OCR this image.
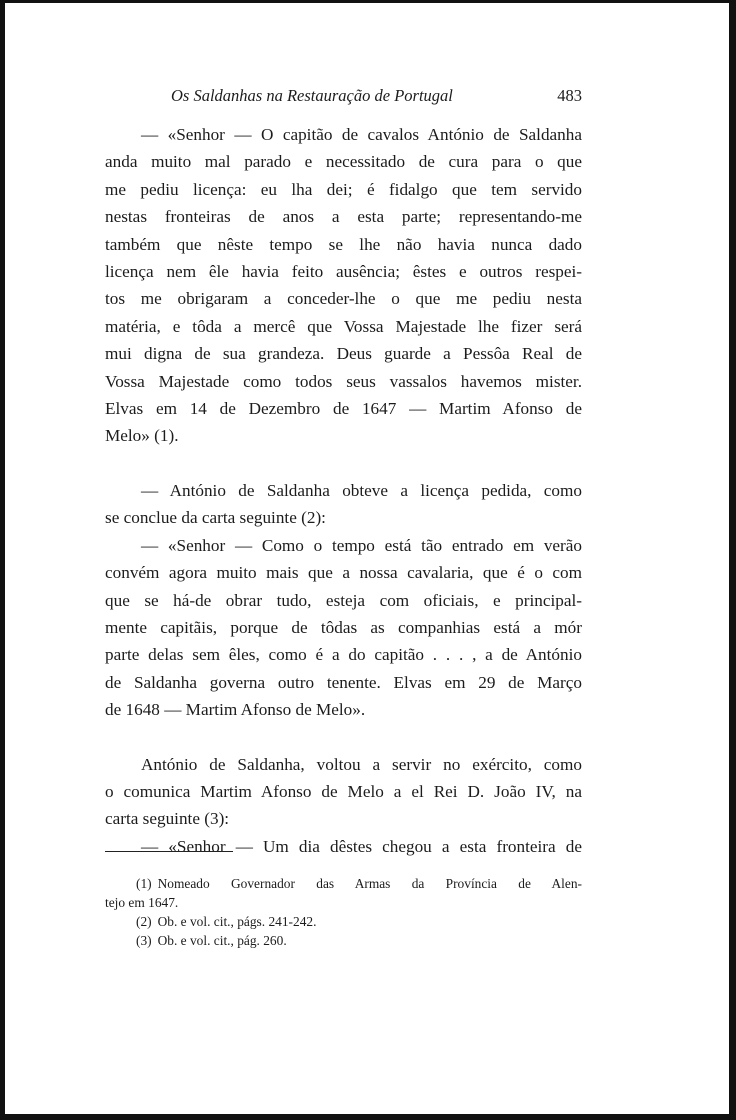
Os Saldanhas na Restauração de Portugal	483

— «Senhor — O capitão de cavalos António de Saldanha
anda muito mal parado e necessitado de cura para o que
me pediu licença: eu lha dei; é fidalgo que tem servido
nestas fronteiras de anos a esta parte; representando-me
também que nêste tempo se lhe não havia nunca dado
licença nem êle havia feito ausência; êstes e outros respei-
tos me obrigaram a conceder-lhe o que me pediu nesta
matéria, e tôda a mercê que Vossa Majestade lhe fizer será
mui digna de sua grandeza. Deus guarde a Pessôa Real de
Vossa Majestade como todos seus vassalos havemos mister.
Elvas em 14 de Dezembro de 1647 — Martim Afonso de
Melo» (1).

— António de Saldanha obteve a licença pedida, como
se conclue da carta seguinte (2):

— «Senhor — Como o tempo está tão entrado em verão
convém agora muito mais que a nossa cavalaria, que é o com
que se há-de obrar tudo, esteja com oficiais, e principal-
mente capitãis, porque de tôdas as companhias está a mór
parte delas sem êles, como é a do capitão . . . , a de António
de Saldanha governa outro tenente. Elvas em 29 de Março
de 1648 — Martim Afonso de Melo».

António de Saldanha, voltou a servir no exército, como
o comunica Martim Afonso de Melo a el Rei D. João IV, na
carta seguinte (3):

— «Senhor — Um dia dêstes chegou a esta fronteira de

(1) Nomeado Governador das Armas da Província de Alen-
tejo em 1647.

(2) Ob. e vol. cit., págs. 241-242.

(3) Ob. e vol. cit., pág. 260.
